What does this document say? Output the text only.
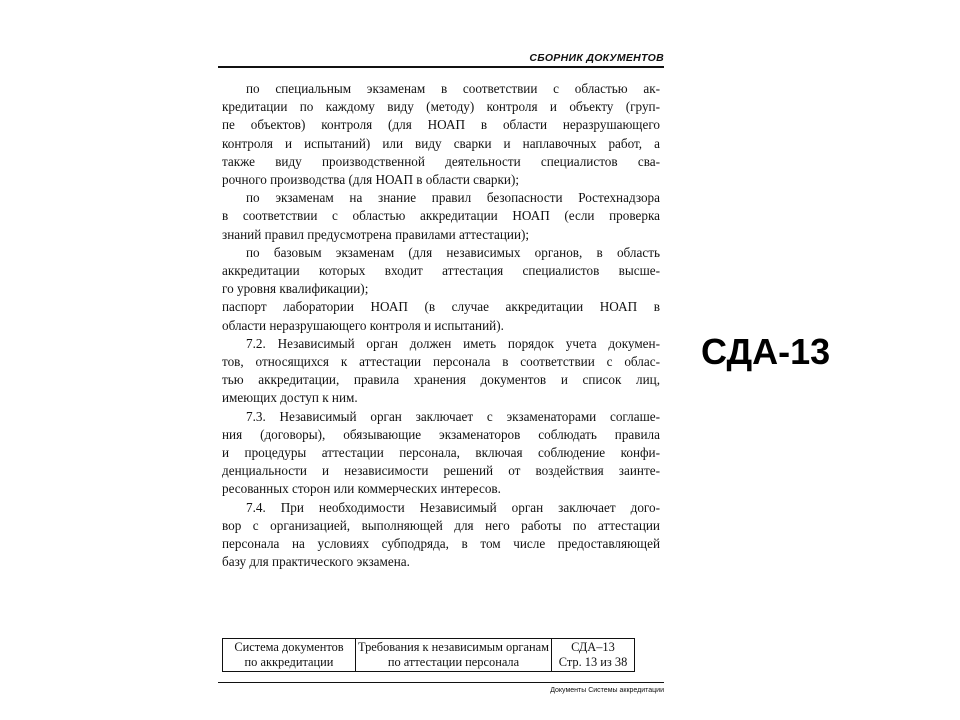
СБОРНИК ДОКУМЕНТОВ

по специальным экзаменам в соответствии с областью ак-

кредитации по каждому виду (методу) контроля и объекту (груп-

пе объектов) контроля (для НОАП в области неразрушающего

контроля и испытаний) или виду сварки и наплавочных работ, а

также виду производственной деятельности специалистов сва-

рочного производства (для НОАП в области сварки);

по экзаменам на знание правил безопасности Ростехнадзора

в соответствии с областью аккредитации НОАП (если проверка

знаний правил предусмотрена правилами аттестации);

по базовым экзаменам (для независимых органов, в область

аккредитации которых входит аттестация специалистов высше-

го уровня квалификации);

паспорт лаборатории НОАП (в случае аккредитации НОАП в

области неразрушающего контроля и испытаний).

7.2. Независимый орган должен иметь порядок учета докумен-

тов, относящихся к аттестации персонала в соответствии с облас-

тью аккредитации, правила хранения документов и список лиц,

имеющих доступ к ним.

7.3. Независимый орган заключает с экзаменаторами соглаше-

ния (договоры), обязывающие экзаменаторов соблюдать правила

и процедуры аттестации персонала, включая соблюдение конфи-

денциальности и независимости решений от воздействия заинте-

ресованных сторон или коммерческих интересов.

7.4. При необходимости Независимый орган заключает дого-

вор с организацией, выполняющей для него работы по аттестации

персонала на условиях субподряда, в том числе предоставляющей

базу для практического экзамена.

Система документов
по аккредитации

Требования к независимым органам
по аттестации персонала

СДА–13
Стр. 13 из 38
Документы Системы аккредитации
СДА-13
